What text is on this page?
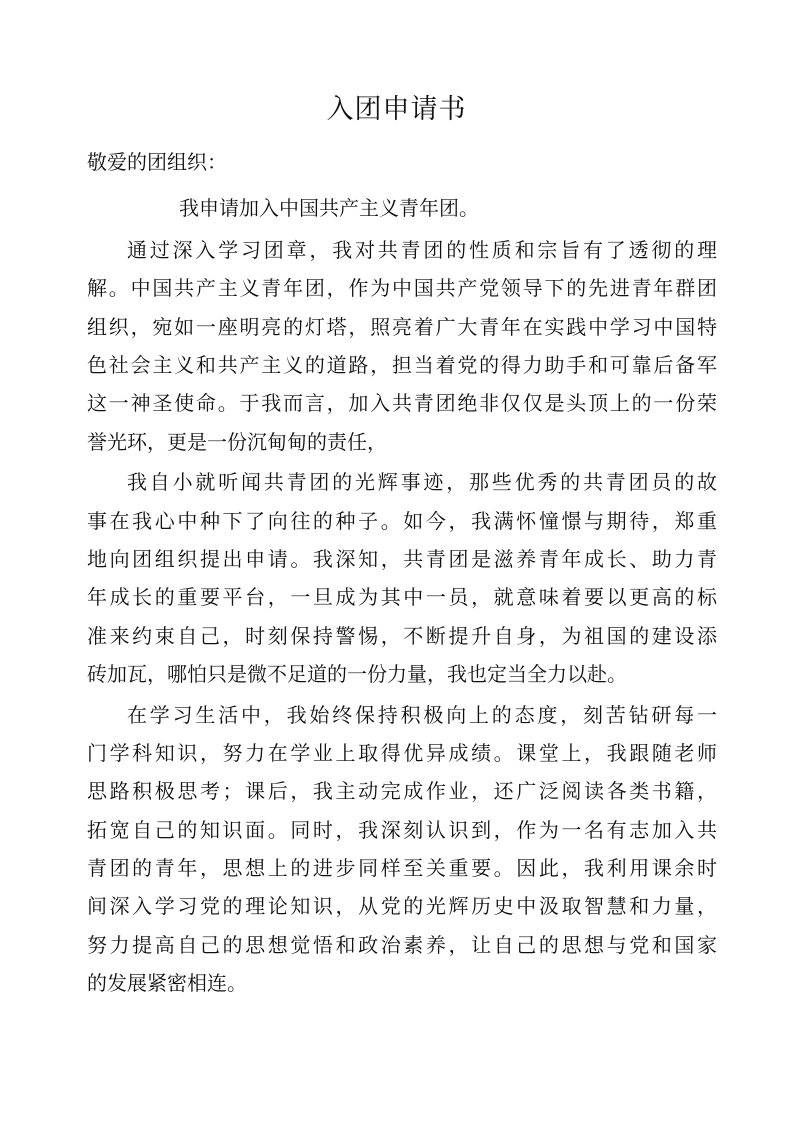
入团申请书
敬爱的团组织：
我申请加入中国共产主义青年团。
通过深入学习团章，我对共青团的性质和宗旨有了透彻的理
解。中国共产主义青年团，作为中国共产党领导下的先进青年群团
组织，宛如一座明亮的灯塔，照亮着广大青年在实践中学习中国特
色社会主义和共产主义的道路，担当着党的得力助手和可靠后备军
这一神圣使命。于我而言，加入共青团绝非仅仅是头顶上的一份荣
誉光环，更是一份沉甸甸的责任，
我自小就听闻共青团的光辉事迹，那些优秀的共青团员的故
事在我心中种下了向往的种子。如今，我满怀憧憬与期待，郑重
地向团组织提出申请。我深知，共青团是滋养青年成长、助力青
年成长的重要平台，一旦成为其中一员，就意味着要以更高的标
准来约束自己，时刻保持警惕，不断提升自身，为祖国的建设添
砖加瓦，哪怕只是微不足道的一份力量，我也定当全力以赴。
在学习生活中，我始终保持积极向上的态度，刻苦钻研每一
门学科知识，努力在学业上取得优异成绩。课堂上，我跟随老师
思路积极思考；课后，我主动完成作业，还广泛阅读各类书籍，
拓宽自己的知识面。同时，我深刻认识到，作为一名有志加入共
青团的青年，思想上的进步同样至关重要。因此，我利用课余时
间深入学习党的理论知识，从党的光辉历史中汲取智慧和力量，
努力提高自己的思想觉悟和政治素养，让自己的思想与党和国家
的发展紧密相连。
